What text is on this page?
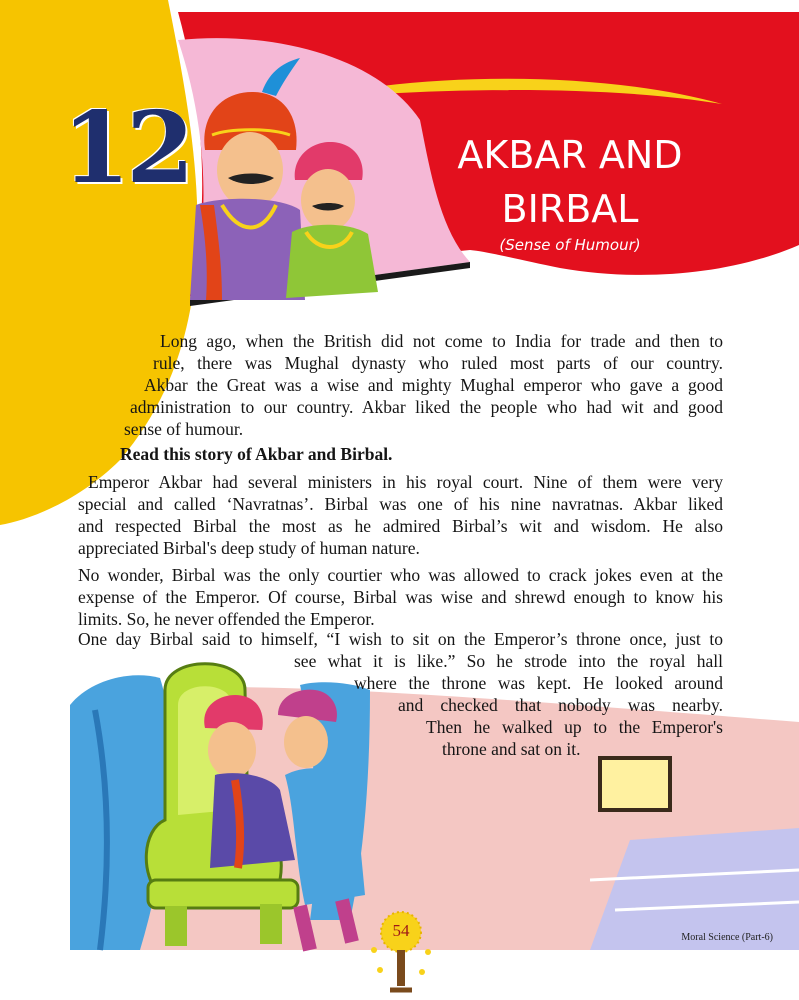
12	AKBAR AND
BIRBAL
(Sense of Humour)
Long ago, when the British did not come to India for trade and then to
rule, there was Mughal dynasty who ruled most parts of our country.
Akbar the Great was a wise and mighty Mughal emperor who gave a good
administration to our country. Akbar liked the people who had wit and good
sense of humour.
Read this story of Akbar and Birbal.
Emperor Akbar had several ministers in his royal court. Nine of them were very
special and called ‘Navratnas’. Birbal was one of his nine navratnas. Akbar liked
and respected Birbal the most as he admired Birbal’s wit and wisdom. He also
appreciated Birbal's deep study of human nature.
No wonder, Birbal was the only courtier who was allowed to crack jokes even at the
expense of the Emperor. Of course, Birbal was wise and shrewd enough to know his
limits. So, he never offended the Emperor.
One day Birbal said to himself, “I wish to sit on the Emperor’s throne once, just to
see what it is like.” So he strode into the royal hall
where the throne was kept. He looked around
and checked that nobody was nearby.
Then he walked up to the Emperor's
throne and sat on it.
54	Moral Science (Part-6)
